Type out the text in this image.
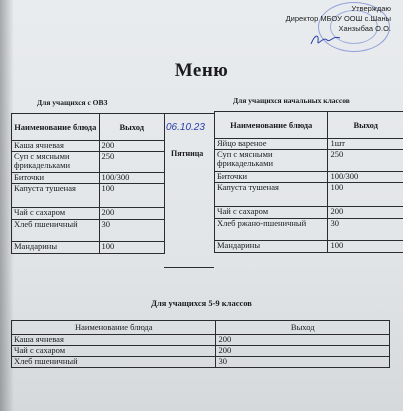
Утверждаю
Директор МБОУ ООШ с.Шаны
Ханзыбаа О.О.
Меню
Для учащихся с ОВЗ	Для учащихся начальных классов
Наименование блюда	Выход
Каша ячневая	200
Суп с мясными фрикадельками	250
Биточки	100/300
Капуста тушеная	100
Чай с сахаром	200
Хлеб пшеничный	30
Мандарины	100
06.10.23
Пятница
Наименование блюда	Выход
Яйцо вареное	1шт
Суп с мясными фрикадельками	250
Биточки	100/300
Капуста тушеная	100
Чай с сахаром	200
Хлеб ржано-пшеничный	30
Мандарины	100
Для учащихся 5-9 классов
Наименование блюда	Выход
Каша ячневая	200
Чай с сахаром	200
Хлеб пшеничный	30
